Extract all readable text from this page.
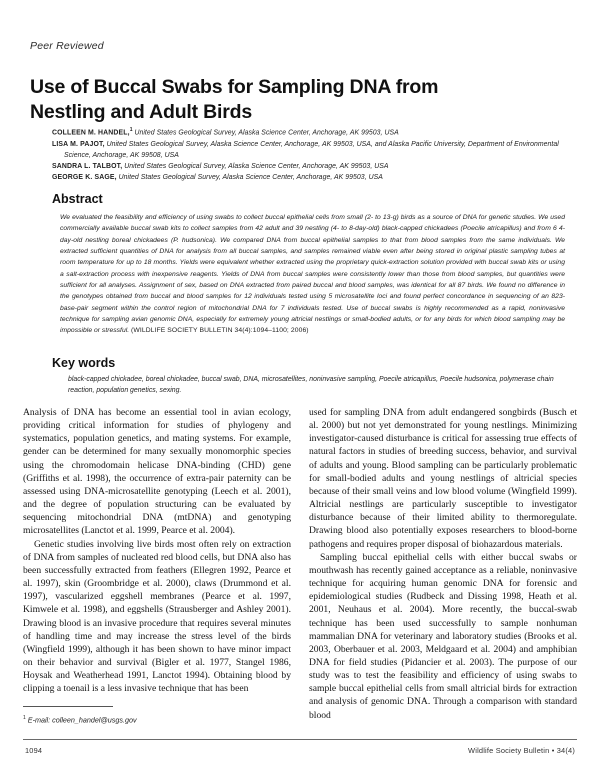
Peer Reviewed
Use of Buccal Swabs for Sampling DNA from Nestling and Adult Birds
COLLEEN M. HANDEL,$^1$ United States Geological Survey, Alaska Science Center, Anchorage, AK 99503, USA
LISA M. PAJOT, United States Geological Survey, Alaska Science Center, Anchorage, AK 99503, USA, and Alaska Pacific University, Department of Environmental Science, Anchorage, AK 99508, USA
SANDRA L. TALBOT, United States Geological Survey, Alaska Science Center, Anchorage, AK 99503, USA
GEORGE K. SAGE, United States Geological Survey, Alaska Science Center, Anchorage, AK 99503, USA
Abstract
We evaluated the feasibility and efficiency of using swabs to collect buccal epithelial cells from small (2- to 13-g) birds as a source of DNA for genetic studies. We used commercially available buccal swab kits to collect samples from 42 adult and 39 nestling (4- to 8-day-old) black-capped chickadees (Poecile atricapillus) and from 6 4-day-old nestling boreal chickadees (P. hudsonica). We compared DNA from buccal epithelial samples to that from blood samples from the same individuals. We extracted sufficient quantities of DNA for analysis from all buccal samples, and samples remained viable even after being stored in original plastic sampling tubes at room temperature for up to 18 months. Yields were equivalent whether extracted using the proprietary quick-extraction solution provided with buccal swab kits or using a salt-extraction process with inexpensive reagents. Yields of DNA from buccal samples were consistently lower than those from blood samples, but quantities were sufficient for all analyses. Assignment of sex, based on DNA extracted from paired buccal and blood samples, was identical for all 87 birds. We found no difference in the genotypes obtained from buccal and blood samples for 12 individuals tested using 5 microsatellite loci and found perfect concordance in sequencing of an 823-base-pair segment within the control region of mitochondrial DNA for 7 individuals tested. Use of buccal swabs is highly recommended as a rapid, noninvasive technique for sampling avian genomic DNA, especially for extremely young altricial nestlings or small-bodied adults, or for any birds for which blood sampling may be impossible or stressful. (WILDLIFE SOCIETY BULLETIN 34(4):1094–1100; 2006)
Key words
black-capped chickadee, boreal chickadee, buccal swab, DNA, microsatellites, noninvasive sampling, Poecile atricapillus, Poecile hudsonica, polymerase chain reaction, population genetics, sexing.

Analysis of DNA has become an essential tool in avian ecology, providing critical information for studies of phylogeny and systematics, population genetics, and mating systems. For example, gender can be determined for many sexually monomorphic species using the chromodomain helicase DNA-binding (CHD) gene (Griffiths et al. 1998), the occurrence of extra-pair paternity can be assessed using DNA-microsatellite genotyping (Leech et al. 2001), and the degree of population structuring can be evaluated by sequencing mitochondrial DNA (mtDNA) and genotyping microsatellites (Lanctot et al. 1999, Pearce et al. 2004).

Genetic studies involving live birds most often rely on extraction of DNA from samples of nucleated red blood cells, but DNA also has been successfully extracted from feathers (Ellegren 1992, Pearce et al. 1997), skin (Groombridge et al. 2000), claws (Drummond et al. 1997), vascularized eggshell membranes (Pearce et al. 1997, Kimwele et al. 1998), and eggshells (Strausberger and Ashley 2001). Drawing blood is an invasive procedure that requires several minutes of handling time and may increase the stress level of the birds (Wingfield 1999), although it has been shown to have minor impact on their behavior and survival (Bigler et al. 1977, Stangel 1986, Hoysak and Weatherhead 1991, Lanctot 1994). Obtaining blood by clipping a toenail is a less invasive technique that has been

used for sampling DNA from adult endangered songbirds (Busch et al. 2000) but not yet demonstrated for young nestlings. Minimizing investigator-caused disturbance is critical for assessing true effects of natural factors in studies of breeding success, behavior, and survival of adults and young. Blood sampling can be particularly problematic for small-bodied adults and young nestlings of altricial species because of their small veins and low blood volume (Wingfield 1999). Altricial nestlings are particularly susceptible to investigator disturbance because of their limited ability to thermoregulate. Drawing blood also potentially exposes researchers to blood-borne pathogens and requires proper disposal of biohazardous materials.

Sampling buccal epithelial cells with either buccal swabs or mouthwash has recently gained acceptance as a reliable, noninvasive technique for acquiring human genomic DNA for forensic and epidemiological studies (Rudbeck and Dissing 1998, Heath et al. 2001, Neuhaus et al. 2004). More recently, the buccal-swab technique has been used successfully to sample nonhuman mammalian DNA for veterinary and laboratory studies (Brooks et al. 2003, Oberbauer et al. 2003, Meldgaard et al. 2004) and amphibian DNA for field studies (Pidancier et al. 2003). The purpose of our study was to test the feasibility and efficiency of using swabs to sample buccal epithelial cells from small altricial birds for extraction and analysis of genomic DNA. Through a comparison with standard blood

$^1$ E-mail: colleen_handel@usgs.gov
1094	Wildlife Society Bulletin • 34(4)
